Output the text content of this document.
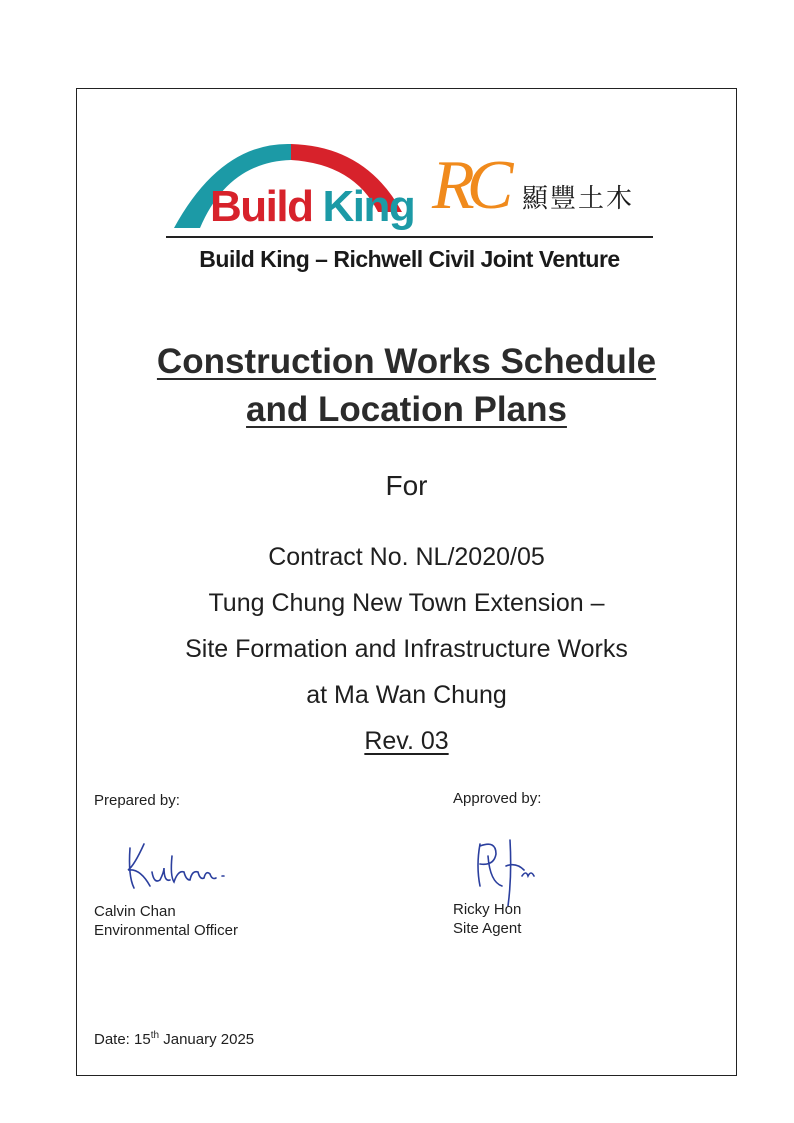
Build King RC 顯豐土木
Build King – Richwell Civil Joint Venture
Construction Works Schedule
and Location Plans
For
Contract No. NL/2020/05
Tung Chung New Town Extension –
Site Formation and Infrastructure Works
at Ma Wan Chung
Rev. 03
Prepared by:	Approved by:
Calvin Chan
Environmental Officer
Ricky Hon
Site Agent
Date: 15th January 2025
